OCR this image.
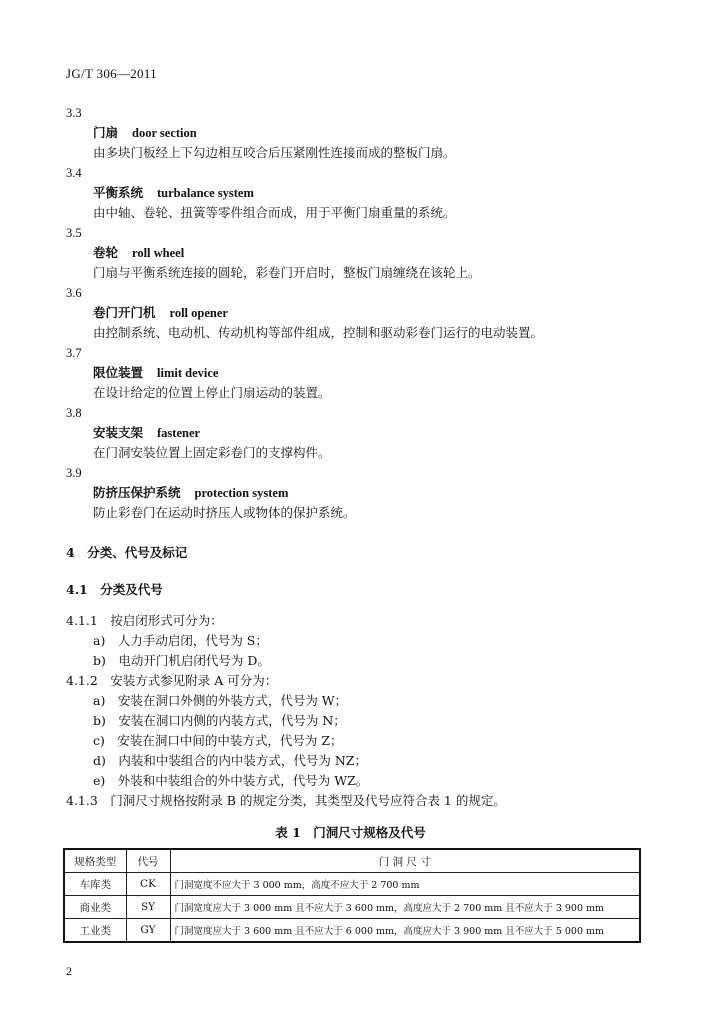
JG/T 306—2011
3.3
门扇 door section
由多块门板经上下勾边相互咬合后压紧刚性连接而成的整板门扇。
3.4
平衡系统 turbalance system
由中轴、卷轮、扭簧等零件组合而成，用于平衡门扇重量的系统。
3.5
卷轮 roll wheel
门扇与平衡系统连接的圆轮，彩卷门开启时，整板门扇缠绕在该轮上。
3.6
卷门开门机 roll opener
由控制系统、电动机、传动机构等部件组成，控制和驱动彩卷门运行的电动装置。
3.7
限位装置 limit device
在设计给定的位置上停止门扇运动的装置。
3.8
安装支架 fastener
在门洞安装位置上固定彩卷门的支撑构件。
3.9
防挤压保护系统 protection system
防止彩卷门在运动时挤压人或物体的保护系统。
4　分类、代号及标记
4.1　分类及代号
4.1.1　按启闭形式可分为：
a)　人力手动启闭，代号为 S；
b)　电动开门机启闭代号为 D。
4.1.2　安装方式参见附录 A 可分为：
a)　安装在洞口外侧的外装方式，代号为 W；
b)　安装在洞口内侧的内装方式，代号为 N；
c)　安装在洞口中间的中装方式，代号为 Z；
d)　内装和中装组合的内中装方式，代号为 NZ；
e)　外装和中装组合的外中装方式，代号为 WZ。
4.1.3　门洞尺寸规格按附录 B 的规定分类，其类型及代号应符合表 1 的规定。
表 1　门洞尺寸规格及代号
规格类型	代号	门 洞 尺 寸
车库类	CK	门洞宽度不应大于 3 000 mm，高度不应大于 2 700 mm
商业类	SY	门洞宽度应大于 3 000 mm 且不应大于 3 600 mm，高度应大于 2 700 mm 且不应大于 3 900 mm
工业类	GY	门洞宽度应大于 3 600 mm 且不应大于 6 000 mm，高度应大于 3 900 mm 且不应大于 5 000 mm
2
